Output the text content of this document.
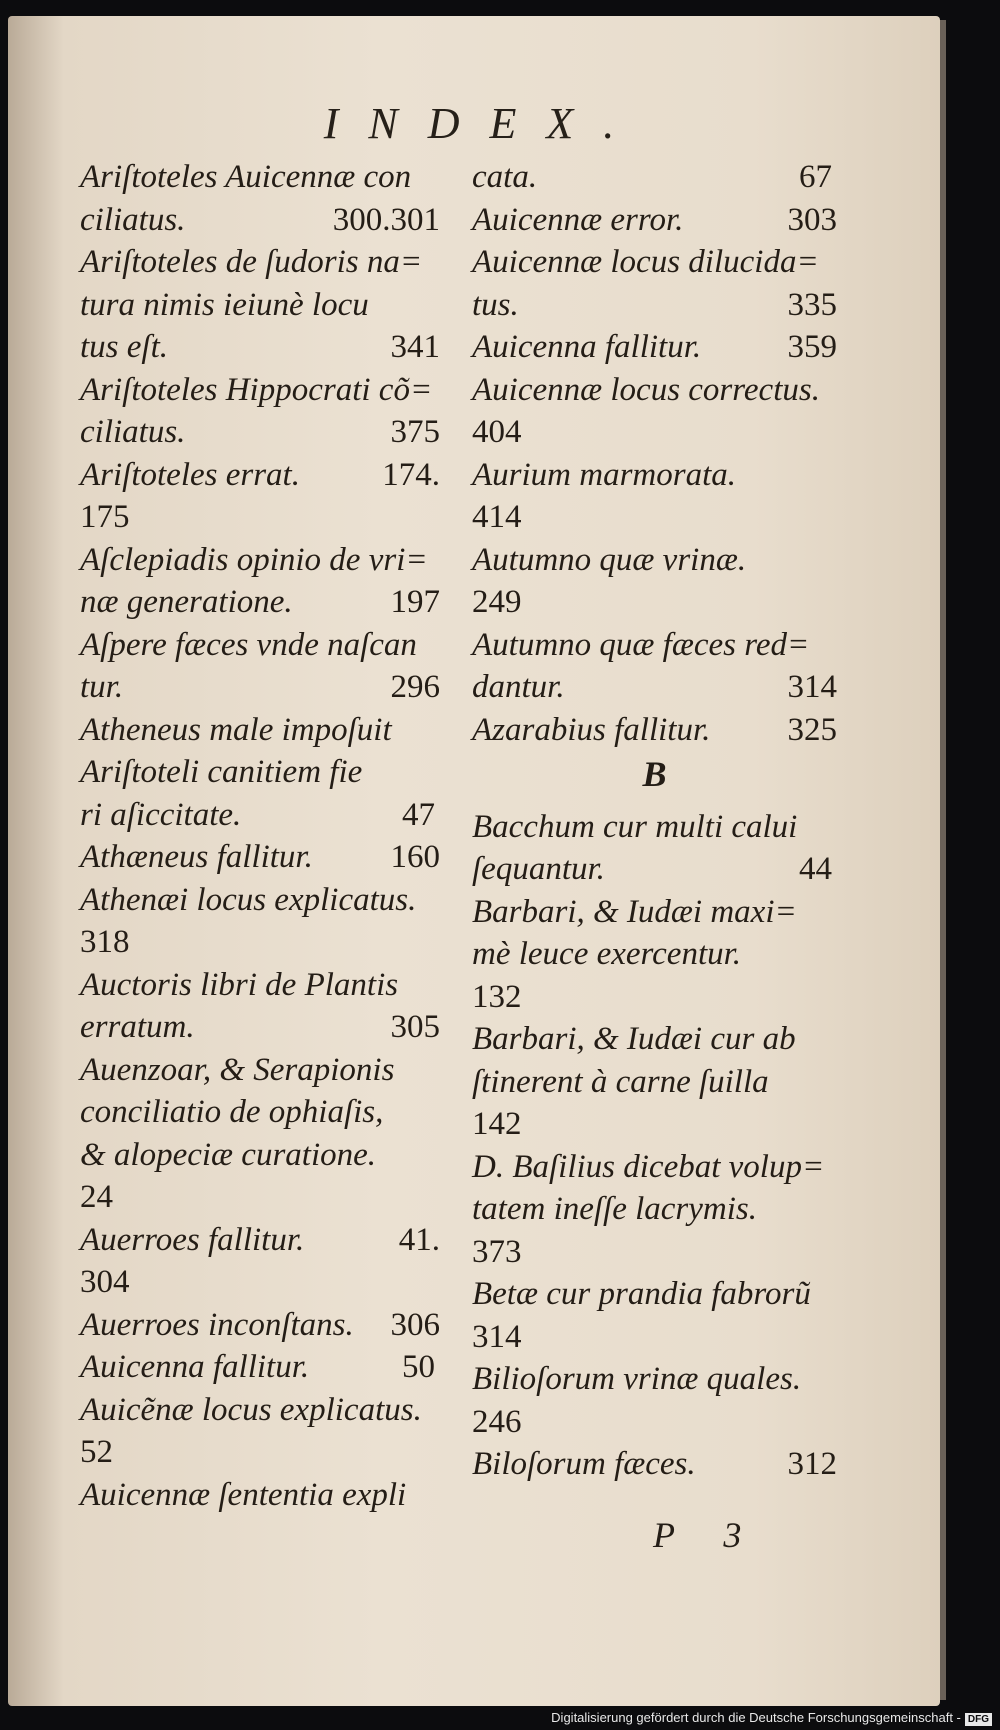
INDEX.
Ariſtoteles Auicennæ con
ciliatus.	300.301
Ariſtoteles de ſudoris na=
tura nimis ieiunè locu
tus eſt.	341
Ariſtoteles Hippocrati cõ=
ciliatus.	375
Ariſtoteles errat. 174.
175
Aſclepiadis opinio de vri=
næ generatione.	197
Aſpere fæces vnde naſcan
tur.	296
Atheneus male impoſuit
Ariſtoteli canitiem fie
ri aſiccitate.	47
Athæneus fallitur. 160
Athenæi locus explicatus.
318
Auctoris libri de Plantis
erratum.	305
Auenzoar, & Serapionis
conciliatio de ophiaſis,
& alopeciæ curatione.
24
Auerroes fallitur.	41.
304
Auerroes inconſtans. 306
Auicenna fallitur.	50
Auicẽnæ locus explicatus.
52
Auicennæ ſententia expli
cata.	67
Auicennæ error.	303
Auicennæ locus dilucida=
tus.	335
Auicenna fallitur.	359
Auicennæ locus correctus.
404
Aurium marmorata.
414
Autumno quæ vrinæ.
249
Autumno quæ fæces red=
dantur.	314
Azarabius fallitur. 325
B
Bacchum cur multi calui
ſequantur.	44
Barbari, & Iudæi maxi=
mè leuce exercentur.
132
Barbari, & Iudæi cur ab
ſtinerent à carne ſuilla
142
D. Baſilius dicebat volup=
tatem ineſſe lacrymis.
373
Betæ cur prandia fabrorũ
314
Bilioſorum vrinæ quales.
246
Biloſorum fæces.	312
P 3
Digitalisierung gefördert durch die Deutsche Forschungsgemeinschaft - DFG
